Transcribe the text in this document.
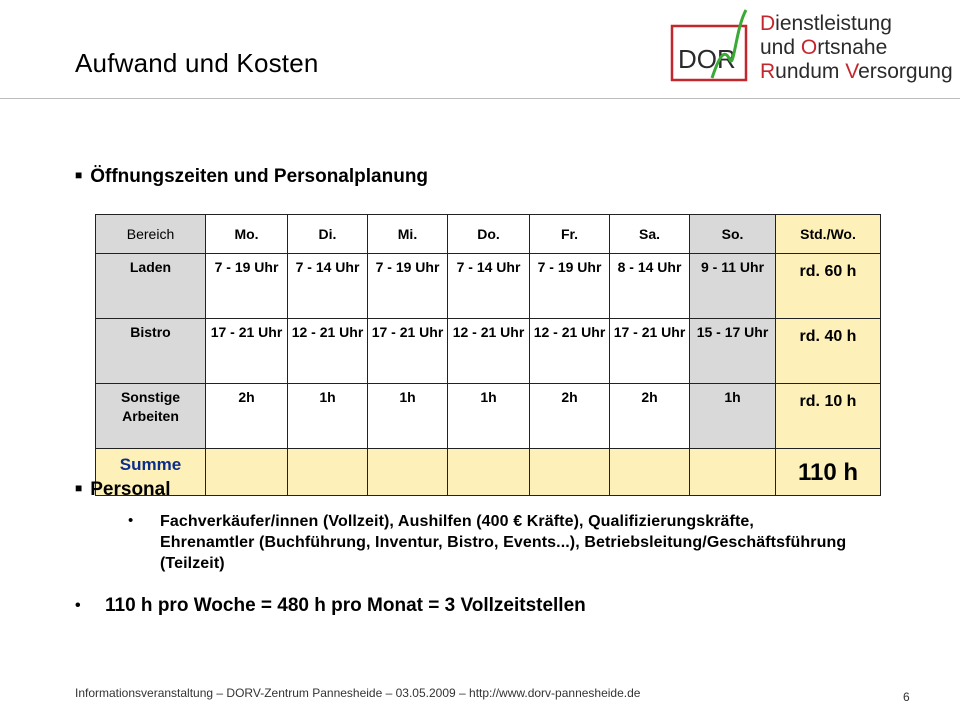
Aufwand und Kosten	DOR
Dienstleistung
und Ortsnahe
Rundum Versorgung
■ Öffnungszeiten und Personalplanung
Bereich	Mo.	Di.	Mi.	Do.	Fr.	Sa.	So.	Std./Wo.
Laden	7 - 19 Uhr	7 - 14 Uhr	7 - 19 Uhr	7 - 14 Uhr	7 - 19 Uhr	8 - 14 Uhr	9 - 11 Uhr	rd. 60 h
Bistro	17 - 21 Uhr	12 - 21 Uhr	17 - 21 Uhr	12 - 21 Uhr	12 - 21 Uhr	17 - 21 Uhr	15 - 17 Uhr	rd. 40 h
Sonstige Arbeiten	2h	1h	1h	1h	2h	2h	1h	rd. 10 h
Summe								110 h
■ Personal
• Fachverkäufer/innen (Vollzeit), Aushilfen (400 € Kräfte), Qualifizierungskräfte, Ehrenamtler (Buchführung, Inventur, Bistro, Events...), Betriebsleitung/Geschäftsführung (Teilzeit)
• 110 h pro Woche = 480 h pro Monat = 3 Vollzeitstellen
Informationsveranstaltung – DORV-Zentrum Pannesheide – 03.05.2009 – http://www.dorv-pannesheide.de	6
